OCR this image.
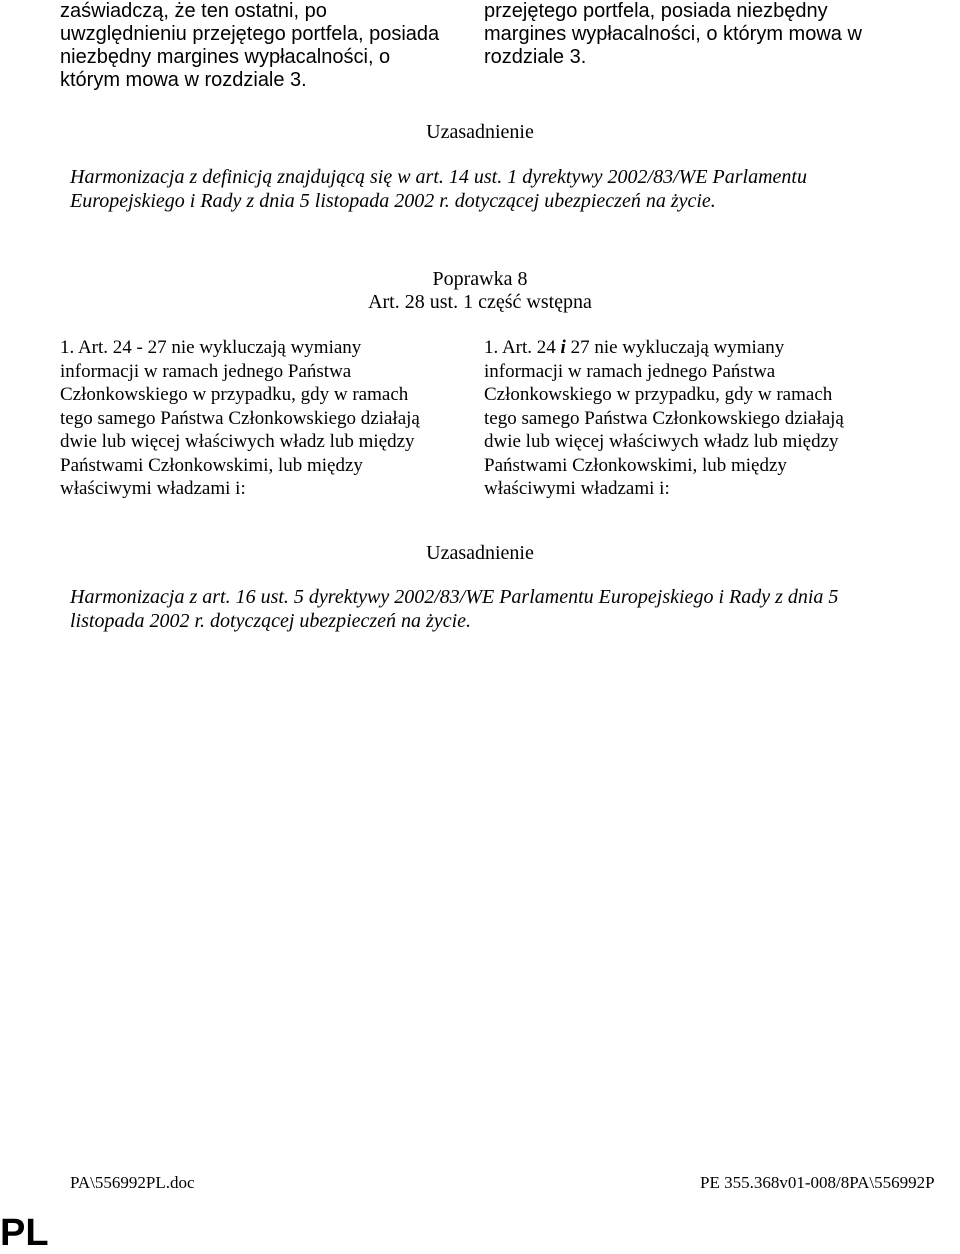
zaświadczą, że ten ostatni, po uwzględnieniu przejętego portfela, posiada niezbędny margines wypłacalności, o którym mowa w rozdziale 3.
przejętego portfela, posiada niezbędny margines wypłacalności, o którym mowa w rozdziale 3.
Uzasadnienie
Harmonizacja z definicją znajdującą się w art. 14 ust. 1 dyrektywy 2002/83/WE Parlamentu Europejskiego i Rady z dnia 5 listopada 2002 r. dotyczącej ubezpieczeń na życie.
Poprawka 8
Art. 28 ust. 1 część wstępna
1. Art. 24 - 27 nie wykluczają wymiany informacji w ramach jednego Państwa Członkowskiego w przypadku, gdy w ramach tego samego Państwa Członkowskiego działają dwie lub więcej właściwych władz lub między Państwami Członkowskimi, lub między właściwymi władzami i:
1. Art. 24 i 27 nie wykluczają wymiany informacji w ramach jednego Państwa Członkowskiego w przypadku, gdy w ramach tego samego Państwa Członkowskiego działają dwie lub więcej właściwych władz lub między Państwami Członkowskimi, lub między właściwymi władzami i:
Uzasadnienie
Harmonizacja z art. 16 ust. 5 dyrektywy 2002/83/WE Parlamentu Europejskiego i Rady z dnia 5 listopada 2002 r. dotyczącej ubezpieczeń na życie.
PA\556992PL.doc	PE 355.368v01-008/8PA\556992P
PL
